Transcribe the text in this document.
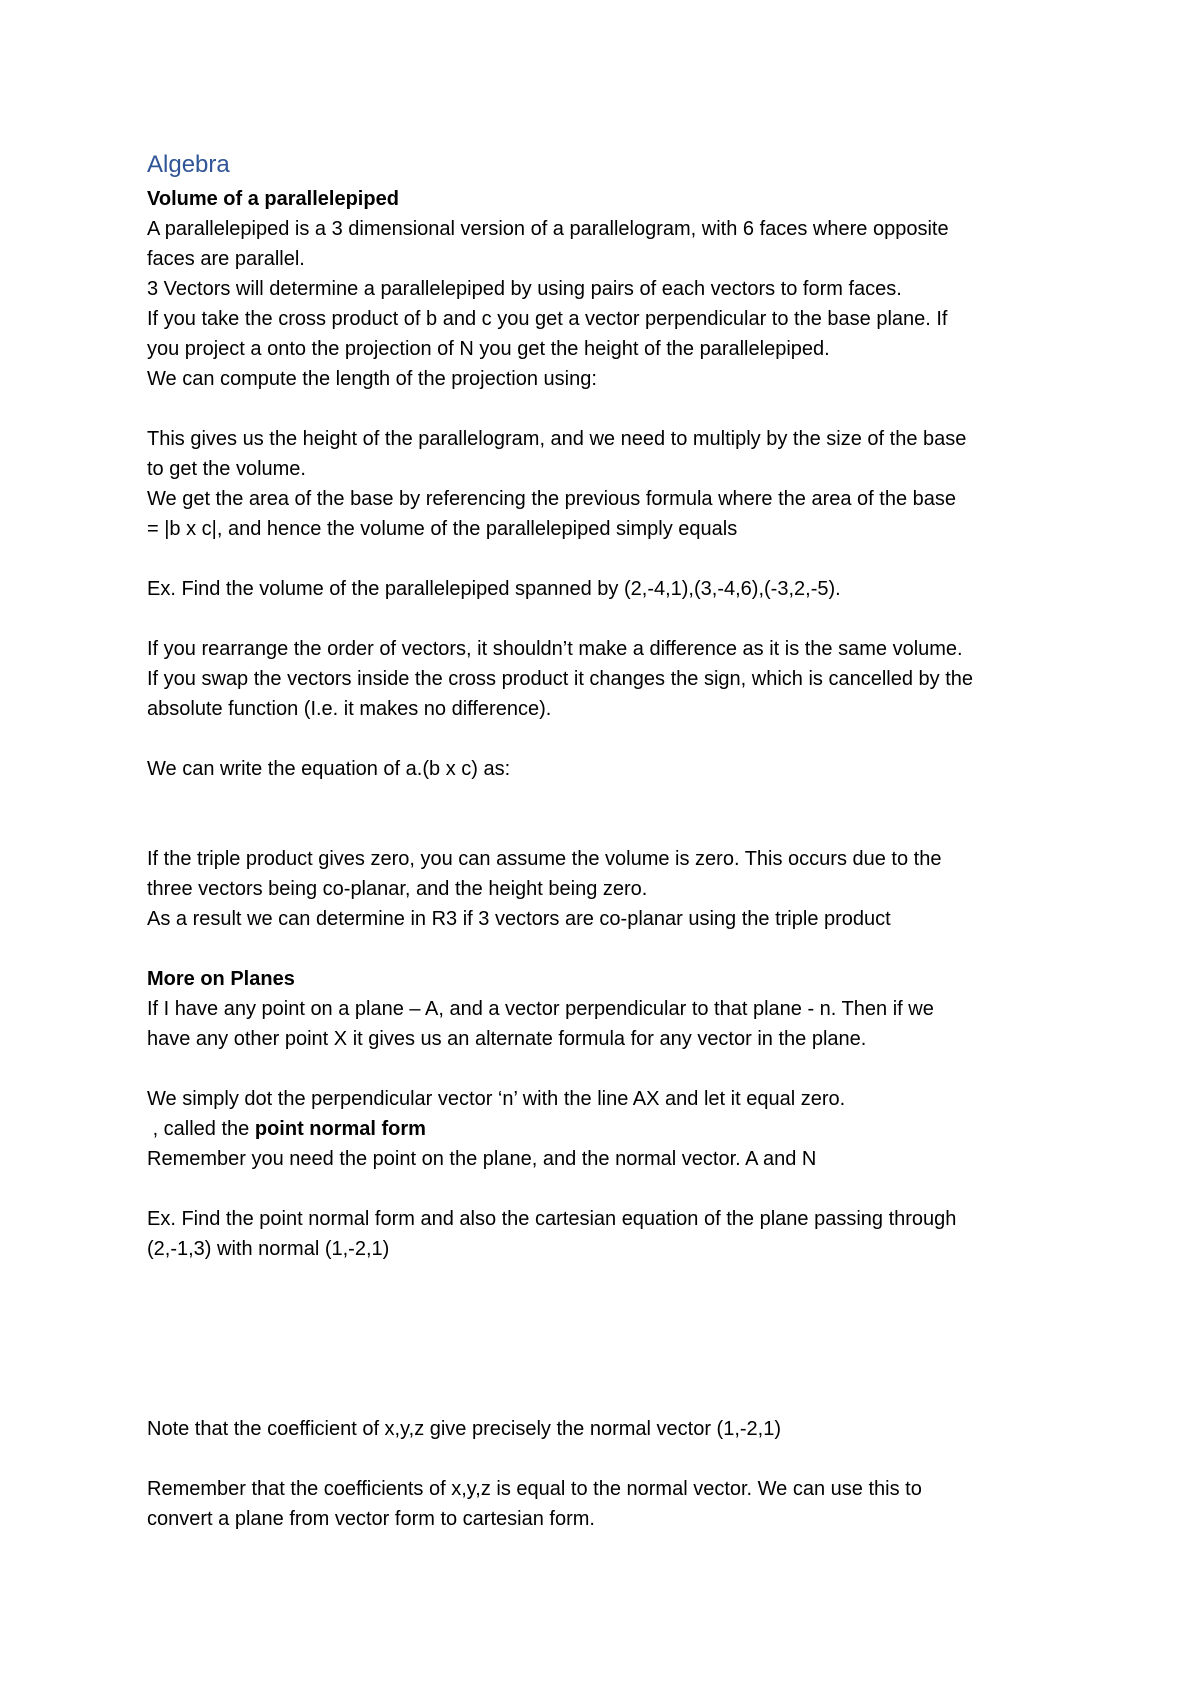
Algebra

Volume of a parallelepiped

A parallelepiped is a 3 dimensional version of a parallelogram, with 6 faces where opposite

faces are parallel.

3 Vectors will determine a parallelepiped by using pairs of each vectors to form faces.

If you take the cross product of b and c you get a vector perpendicular to the base plane. If

you project a onto the projection of N you get the height of the parallelepiped.

We can compute the length of the projection using:

This gives us the height of the parallelogram, and we need to multiply by the size of the base

to get the volume.

We get the area of the base by referencing the previous formula where the area of the base

= |b x c|, and hence the volume of the parallelepiped simply equals

Ex. Find the volume of the parallelepiped spanned by (2,-4,1),(3,-4,6),(-3,2,-5).

If you rearrange the order of vectors, it shouldn’t make a difference as it is the same volume.

If you swap the vectors inside the cross product it changes the sign, which is cancelled by the

absolute function (I.e. it makes no difference).

We can write the equation of a.(b x c) as:

If the triple product gives zero, you can assume the volume is zero. This occurs due to the

three vectors being co-planar, and the height being zero.

As a result we can determine in R3 if 3 vectors are co-planar using the triple product

More on Planes

If I have any point on a plane – A, and a vector perpendicular to that plane - n. Then if we

have any other point X it gives us an alternate formula for any vector in the plane.

We simply dot the perpendicular vector ‘n’ with the line AX and let it equal zero.

, called the point normal form

Remember you need the point on the plane, and the normal vector. A and N

Ex. Find the point normal form and also the cartesian equation of the plane passing through

(2,-1,3) with normal (1,-2,1)

Note that the coefficient of x,y,z give precisely the normal vector (1,-2,1)

Remember that the coefficients of x,y,z is equal to the normal vector. We can use this to

convert a plane from vector form to cartesian form.
